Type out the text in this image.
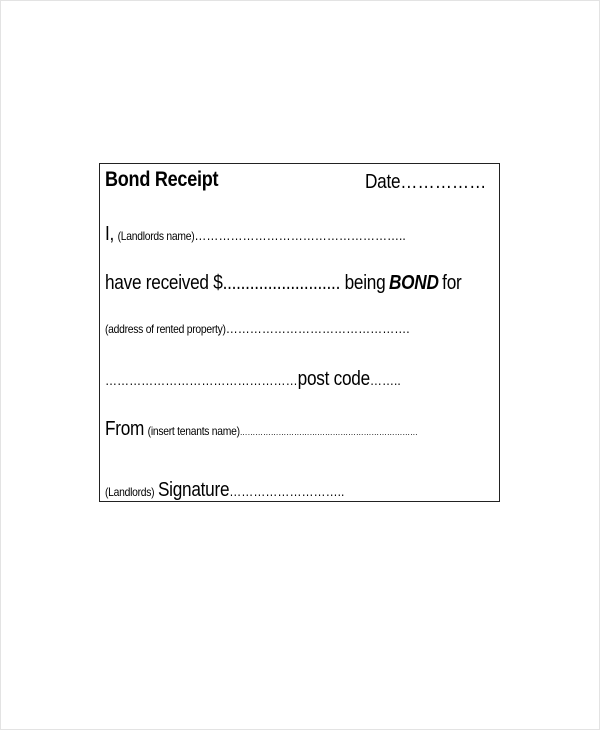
Bond Receipt	Date……………
I, (Landlords name)……………………………………………..
have received $.......................... being BOND for
(address of rented property)……………………………………….
…………………………………………post code……..
From (insert tenants name)……………………………………………………………
(Landlords) Signature………………………..
